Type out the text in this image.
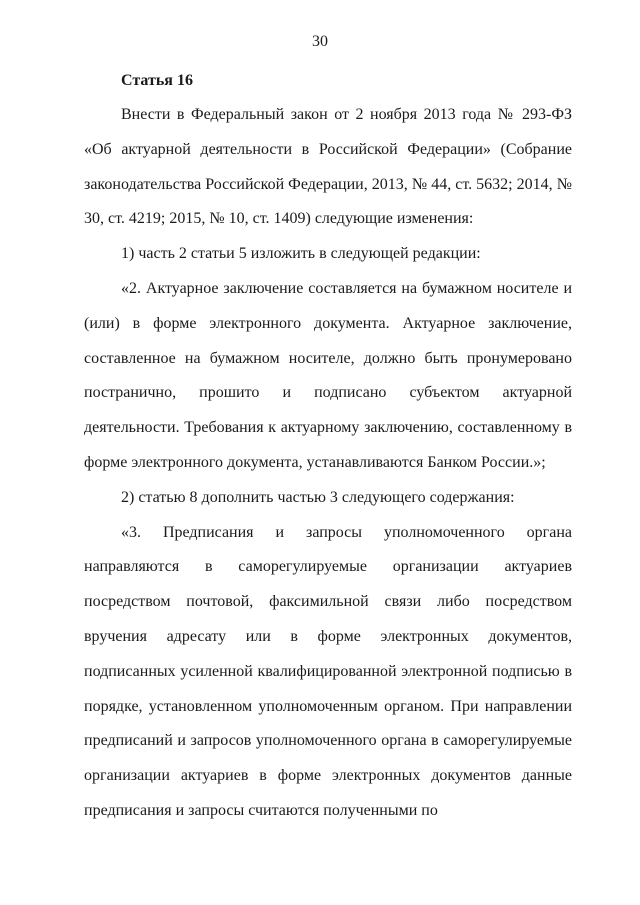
30
Статья 16

Внести в Федеральный закон от 2 ноября 2013 года № 293-ФЗ «Об актуарной деятельности в Российской Федерации» (Собрание законодательства Российской Федерации, 2013, № 44, ст. 5632; 2014, № 30, ст. 4219; 2015, № 10, ст. 1409) следующие изменения:

1) часть 2 статьи 5 изложить в следующей редакции:

«2. Актуарное заключение составляется на бумажном носителе и (или) в форме электронного документа. Актуарное заключение, составленное на бумажном носителе, должно быть пронумеровано постранично, прошито и подписано субъектом актуарной деятельности. Требования к актуарному заключению, составленному в форме электронного документа, устанавливаются Банком России.»;

2) статью 8 дополнить частью 3 следующего содержания:

«3. Предписания и запросы уполномоченного органа направляются в саморегулируемые организации актуариев посредством почтовой, факсимильной связи либо посредством вручения адресату или в форме электронных документов, подписанных усиленной квалифицированной электронной подписью в порядке, установленном уполномоченным органом. При направлении предписаний и запросов уполномоченного органа в саморегулируемые организации актуариев в форме электронных документов данные предписания и запросы считаются полученными по
